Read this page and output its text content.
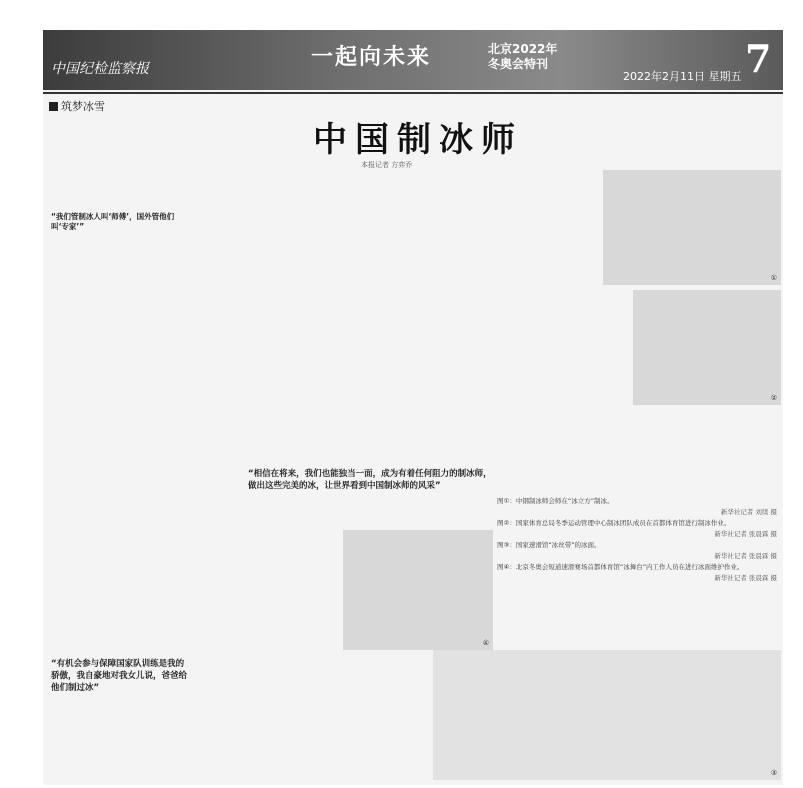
中国纪检监察报	一起向未来	北京2022年
冬奥会特刊
2022年2月11日 星期五 7
筑梦冰雪
中国制冰师
本报记者 方弈乔
“我们管制冰人叫‘师傅’，国外管他们叫‘专家’”
“有机会参与保障国家队训练是我的骄傲，我自豪地对我女儿说，爸爸给他们制过冰”
“相信在将来，我们也能独当一面，成为有着任何阻力的制冰师，做出这些完美的冰，让世界看到中国制冰师的风采”
①
②
④
③

图①：中钢制冰师会师在“冰立方”制冰。

新华社记者 刘续 摄

图②：国家体育总局冬季运动管理中心制冰团队成员在首都体育馆进行制冰作业。

新华社记者 张晨霖 摄

图③：国家速滑馆“冰丝带”的冰面。

新华社记者 张晨霖 摄

图④：北京冬奥会短道速滑赛场首都体育馆“冰舞台”内工作人员在进行冰面维护作业。

新华社记者 张晨霖 摄
